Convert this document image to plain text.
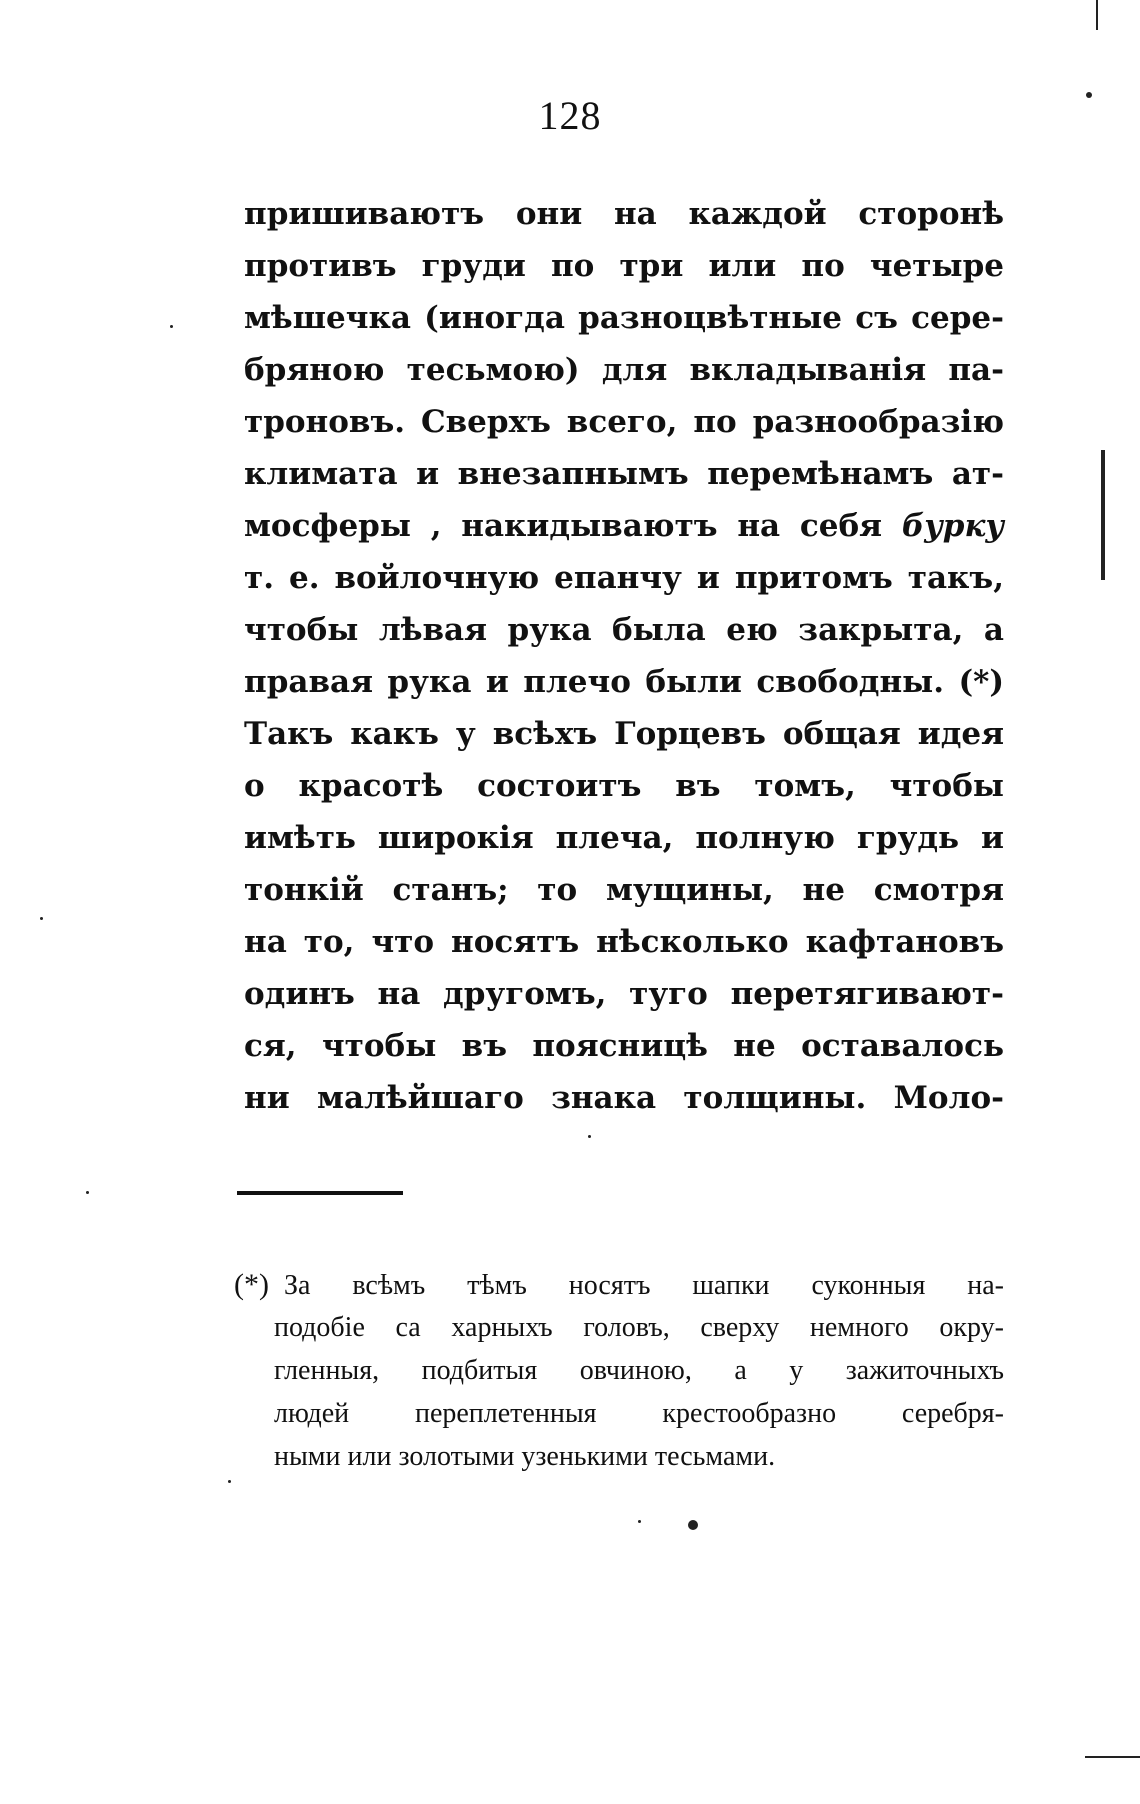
128
пришиваютъ они на каждой сторонѣ
противъ груди по три или по четыре
мѣшечка (иногда разноцвѣтные съ сере-
бряною тесьмою) для вкладыванія па-
троновъ. Сверхъ всего, по разнообразію
климата и внезапнымъ перемѣнамъ ат-
мосферы , накидываютъ на себя бурку
т. е. войлочную епанчу и притомъ такъ,
чтобы лѣвая рука была ею закрыта, а
правая рука и плечо были свободны. (*)
Такъ какъ у всѣхъ Горцевъ общая идея
о красотѣ состоитъ въ томъ, чтобы
имѣть широкія плеча, полную грудь и
тонкій станъ; то мущины, не смотря
на то, что носятъ нѣсколько кафтановъ
одинъ на другомъ, туго перетягивают-
ся, чтобы въ поясницѣ не оставалось
ни малѣйшаго знака толщины. Моло-
(*) За всѣмъ тѣмъ носятъ шапки суконныя на-
подобіе са харныхъ головъ, сверху немного окру-
гленныя, подбитыя овчиною, а у зажиточныхъ
людей переплетенныя крестообразно серебря-
ными или золотыми узенькими тесьмами.
